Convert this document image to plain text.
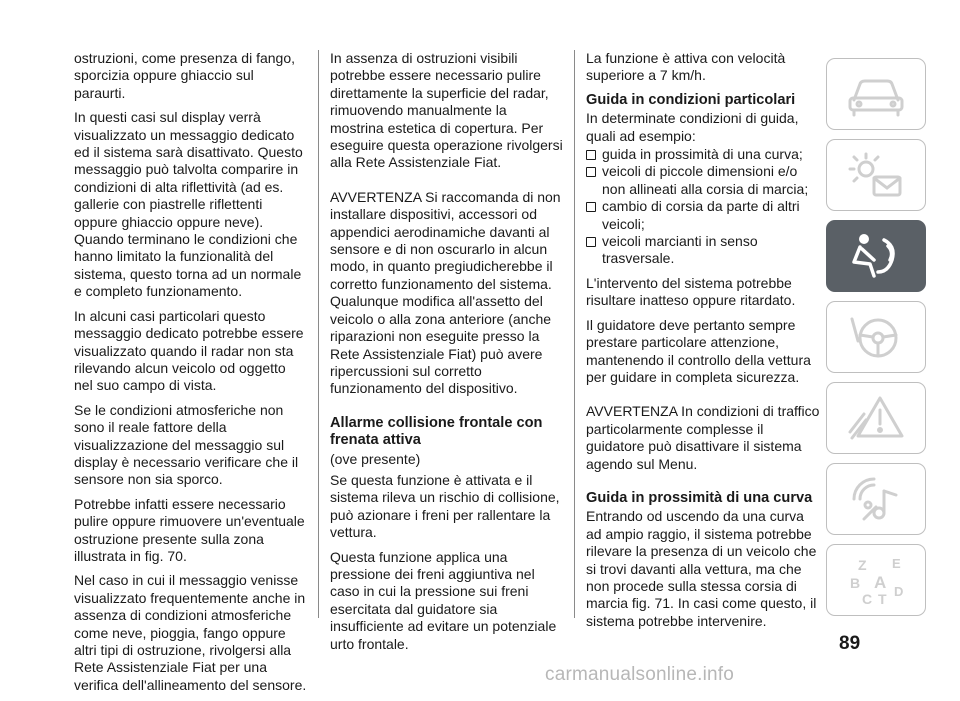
ostruzioni, come presenza di fango, sporcizia oppure ghiaccio sul paraurti.

In questi casi sul display verrà visualizzato un messaggio dedicato ed il sistema sarà disattivato. Questo messaggio può talvolta comparire in condizioni di alta riflettività (ad es. gallerie con piastrelle riflettenti oppure ghiaccio oppure neve). Quando terminano le condizioni che hanno limitato la funzionalità del sistema, questo torna ad un normale e completo funzionamento.

In alcuni casi particolari questo messaggio dedicato potrebbe essere visualizzato quando il radar non sta rilevando alcun veicolo od oggetto nel suo campo di vista.

Se le condizioni atmosferiche non sono il reale fattore della visualizzazione del messaggio sul display è necessario verificare che il sensore non sia sporco.

Potrebbe infatti essere necessario pulire oppure rimuovere un'eventuale ostruzione presente sulla zona illustrata in fig. 70.

Nel caso in cui il messaggio venisse visualizzato frequentemente anche in assenza di condizioni atmosferiche come neve, pioggia, fango oppure altri tipi di ostruzione, rivolgersi alla Rete Assistenziale Fiat per una verifica dell'allineamento del sensore.

In assenza di ostruzioni visibili potrebbe essere necessario pulire direttamente la superficie del radar, rimuovendo manualmente la mostrina estetica di copertura. Per eseguire questa operazione rivolgersi alla Rete Assistenziale Fiat.

AVVERTENZA Si raccomanda di non installare dispositivi, accessori od appendici aerodinamiche davanti al sensore e di non oscurarlo in alcun modo, in quanto pregiudicherebbe il corretto funzionamento del sistema. Qualunque modifica all'assetto del veicolo o alla zona anteriore (anche riparazioni non eseguite presso la Rete Assistenziale Fiat) può avere ripercussioni sul corretto funzionamento del dispositivo.

Allarme collisione frontale con frenata attiva

(ove presente)

Se questa funzione è attivata e il sistema rileva un rischio di collisione, può azionare i freni per rallentare la vettura.

Questa funzione applica una pressione dei freni aggiuntiva nel caso in cui la pressione sui freni esercitata dal guidatore sia insufficiente ad evitare un potenziale urto frontale.

La funzione è attiva con velocità superiore a 7 km/h.

Guida in condizioni particolari

In determinate condizioni di guida, quali ad esempio:

guida in prossimità di una curva;
veicoli di piccole dimensioni e/o non allineati alla corsia di marcia;
cambio di corsia da parte di altri veicoli;
veicoli marcianti in senso trasversale.

L'intervento del sistema potrebbe risultare inatteso oppure ritardato.

Il guidatore deve pertanto sempre prestare particolare attenzione, mantenendo il controllo della vettura per guidare in completa sicurezza.

AVVERTENZA In condizioni di traffico particolarmente complesse il guidatore può disattivare il sistema agendo sul Menu.

Guida in prossimità di una curva

Entrando od uscendo da una curva ad ampio raggio, il sistema potrebbe rilevare la presenza di un veicolo che si trovi davanti alla vettura, ma che non procede sulla stessa corsia di marcia fig. 71. In casi come questo, il sistema potrebbe intervenire.

Z E
B A
C T D
89
carmanualsonline.info
